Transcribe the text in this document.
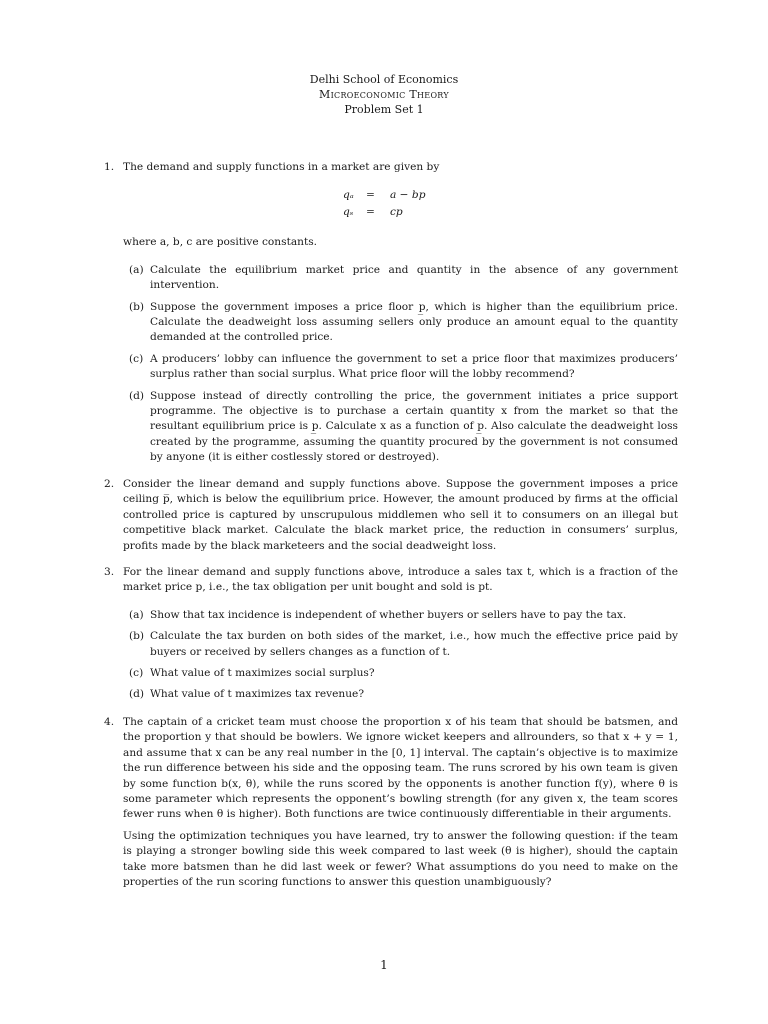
Delhi School of Economics
Microeconomic Theory
Problem Set 1
1. The demand and supply functions in a market are given by

qₐ = a − bp
qₛ = cp

where a, b, c are positive constants.

(a) Calculate the equilibrium market price and quantity in the absence of any government intervention.
(b) Suppose the government imposes a price floor p̲, which is higher than the equilibrium price. Calculate the deadweight loss assuming sellers only produce an amount equal to the quantity demanded at the controlled price.
(c) A producers’ lobby can influence the government to set a price floor that maximizes producers’ surplus rather than social surplus. What price floor will the lobby recommend?
(d) Suppose instead of directly controlling the price, the government initiates a price support programme. The objective is to purchase a certain quantity x from the market so that the resultant equilibrium price is p̲. Calculate x as a function of p̲. Also calculate the deadweight loss created by the programme, assuming the quantity procured by the government is not consumed by anyone (it is either costlessly stored or destroyed).
2. Consider the linear demand and supply functions above. Suppose the government imposes a price ceiling p̅, which is below the equilibrium price. However, the amount produced by firms at the official controlled price is captured by unscrupulous middlemen who sell it to consumers on an illegal but competitive black market. Calculate the black market price, the reduction in consumers’ surplus, profits made by the black marketeers and the social deadweight loss.

3. For the linear demand and supply functions above, introduce a sales tax t, which is a fraction of the market price p, i.e., the tax obligation per unit bought and sold is pt.

(a) Show that tax incidence is independent of whether buyers or sellers have to pay the tax.
(b) Calculate the tax burden on both sides of the market, i.e., how much the effective price paid by buyers or received by sellers changes as a function of t.
(c) What value of t maximizes social surplus?
(d) What value of t maximizes tax revenue?
4. The captain of a cricket team must choose the proportion x of his team that should be batsmen, and the proportion y that should be bowlers. We ignore wicket keepers and allrounders, so that x + y = 1, and assume that x can be any real number in the [0, 1] interval. The captain’s objective is to maximize the run difference between his side and the opposing team. The runs scrored by his own team is given by some function b(x, θ), while the runs scored by the opponents is another function f(y), where θ is some parameter which represents the opponent’s bowling strength (for any given x, the team scores fewer runs when θ is higher). Both functions are twice continuously differentiable in their arguments.

Using the optimization techniques you have learned, try to answer the following question: if the team is playing a stronger bowling side this week compared to last week (θ is higher), should the captain take more batsmen than he did last week or fewer? What assumptions do you need to make on the properties of the run scoring functions to answer this question unambiguously?

1
